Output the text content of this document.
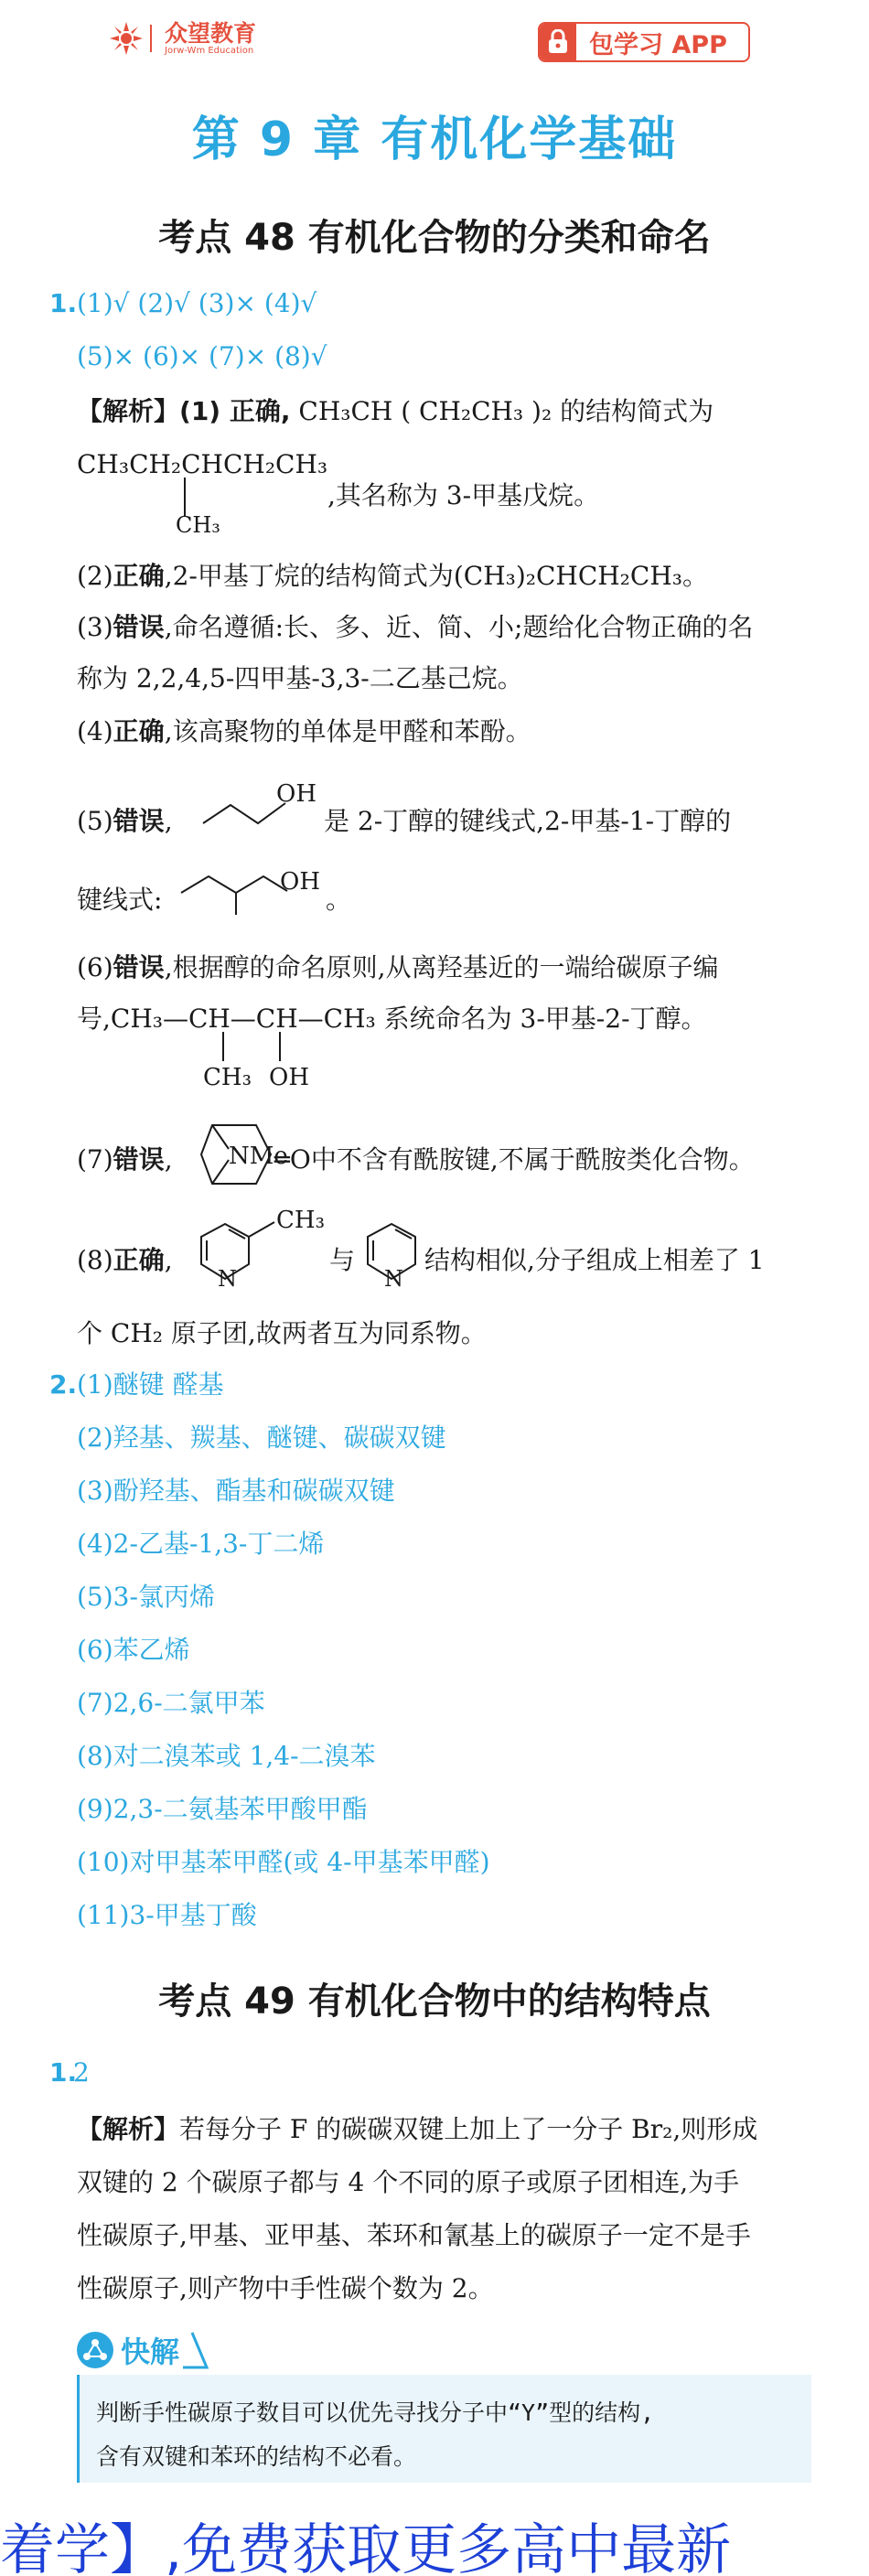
众望教育
Jorw-Wm Education	包学习 APP
第 9 章 有机化学基础
考点 48 有机化合物的分类和命名
1. (1)√ (2)√ (3)× (4)√
(5)× (6)× (7)× (8)√
【解析】(1) 正确, CH₃CH ( CH₂CH₃ )₂ 的结构简式为
CH₃CH₂CHCH₂CH₃
CH₃
,其名称为 3-甲基戊烷。
(2)正确,2-甲基丁烷的结构简式为(CH₃)₂CHCH₂CH₃。
(3)错误,命名遵循:长、多、近、简、小;题给化合物正确的名
称为 2,2,4,5-四甲基-3,3-二乙基己烷。
(4)正确,该高聚物的单体是甲醛和苯酚。
(5)错误,
OH
是 2-丁醇的键线式,2-甲基-1-丁醇的
键线式:
OH
。
(6)错误,根据醇的命名原则,从离羟基近的一端给碳原子编
号,CH₃—CH—CH—CH₃ 系统命名为 3-甲基-2-丁醇。
CH₃ OH
(7)错误, NMe
═O中不含有酰胺键,不属于酰胺类化合物。
(8)正确,
CH₃
N
与
N
结构相似,分子组成上相差了 1
个 CH₂ 原子团,故两者互为同系物。
2. (1)醚键 醛基
(2)羟基、羰基、醚键、碳碳双键
(3)酚羟基、酯基和碳碳双键
(4)2-乙基-1,3-丁二烯
(5)3-氯丙烯
(6)苯乙烯
(7)2,6-二氯甲苯
(8)对二溴苯或 1,4-二溴苯
(9)2,3-二氨基苯甲酸甲酯
(10)对甲基苯甲醛(或 4-甲基苯甲醛)
(11)3-甲基丁酸
考点 49 有机化合物中的结构特点
1.
2
【解析】若每分子 F 的碳碳双键上加上了一分子 Br₂,则形成
双键的 2 个碳原子都与 4 个不同的原子或原子团相连,为手
性碳原子,甲基、亚甲基、苯环和氰基上的碳原子一定不是手
性碳原子,则产物中手性碳个数为 2。
判断手性碳原子数目可以优先寻找分子中“Y”型的结构,
含有双键和苯环的结构不必看。
快解
着学】,免费获取更多高中最新
